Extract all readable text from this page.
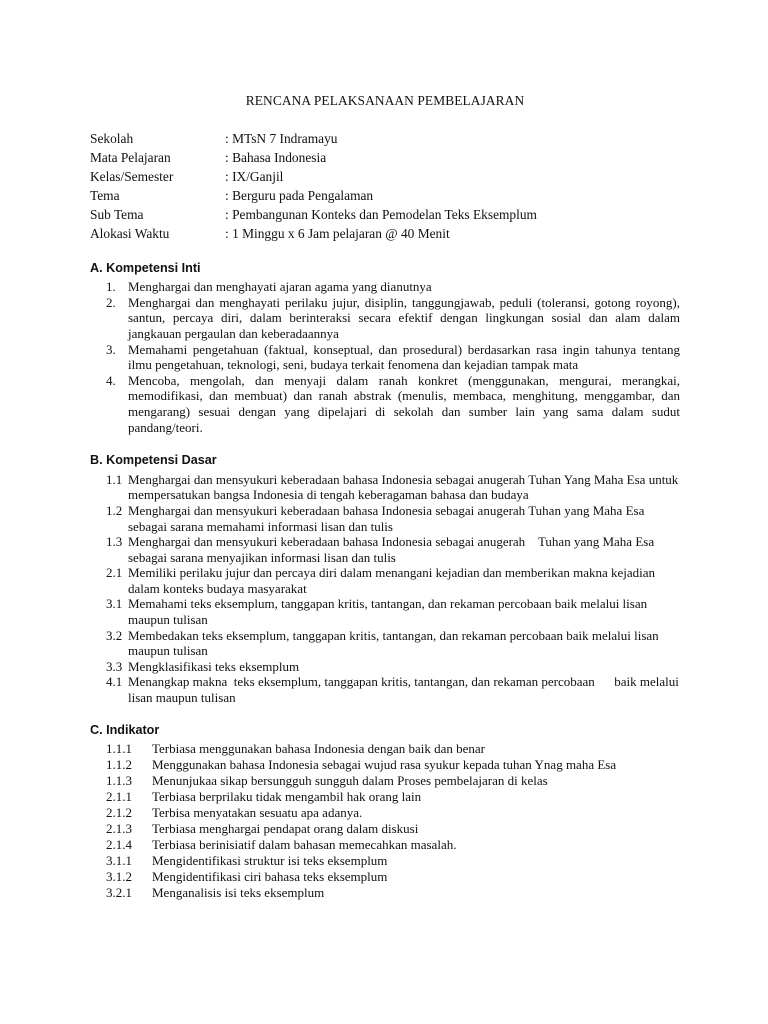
RENCANA PELAKSANAAN PEMBELAJARAN
Sekolah	: MTsN 7 Indramayu
Mata Pelajaran	: Bahasa Indonesia
Kelas/Semester	: IX/Ganjil
Tema	: Berguru pada Pengalaman
Sub Tema	: Pembangunan Konteks dan Pemodelan Teks Eksemplum
Alokasi Waktu	: 1 Minggu x 6 Jam pelajaran @ 40 Menit
A. Kompetensi Inti
1. Menghargai dan menghayati ajaran agama yang dianutnya
2. Menghargai dan menghayati perilaku jujur, disiplin, tanggungjawab, peduli (toleransi, gotong royong), santun, percaya diri, dalam berinteraksi secara efektif dengan lingkungan sosial dan alam dalam jangkauan pergaulan dan keberadaannya
3. Memahami pengetahuan (faktual, konseptual, dan prosedural) berdasarkan rasa ingin tahunya tentang ilmu pengetahuan, teknologi, seni, budaya terkait fenomena dan kejadian tampak mata
4. Mencoba, mengolah, dan menyaji dalam ranah konkret (menggunakan, mengurai, merangkai, memodifikasi, dan membuat) dan ranah abstrak (menulis, membaca, menghitung, menggambar, dan mengarang) sesuai dengan yang dipelajari di sekolah dan sumber lain yang sama dalam sudut pandang/teori.
B. Kompetensi Dasar
1.1 Menghargai dan mensyukuri keberadaan bahasa Indonesia sebagai anugerah Tuhan Yang Maha Esa untuk mempersatukan bangsa Indonesia di tengah keberagaman bahasa dan budaya
1.2 Menghargai dan mensyukuri keberadaan bahasa Indonesia sebagai anugerah Tuhan yang Maha Esa sebagai sarana memahami informasi lisan dan tulis
1.3 Menghargai dan mensyukuri keberadaan bahasa Indonesia sebagai anugerah    Tuhan yang Maha Esa sebagai sarana menyajikan informasi lisan dan tulis
2.1 Memiliki perilaku jujur dan percaya diri dalam menangani kejadian dan memberikan makna kejadian dalam konteks budaya masyarakat
3.1 Memahami teks eksemplum, tanggapan kritis, tantangan, dan rekaman percobaan baik melalui lisan maupun tulisan
3.2 Membedakan teks eksemplum, tanggapan kritis, tantangan, dan rekaman percobaan baik melalui lisan maupun tulisan
3.3 Mengklasifikasi teks eksemplum
4.1 Menangkap makna  teks eksemplum, tanggapan kritis, tantangan, dan rekaman percobaan      baik melalui lisan maupun tulisan
C. Indikator
1.1.1	Terbiasa menggunakan bahasa Indonesia dengan baik dan benar
1.1.2	Menggunakan bahasa Indonesia sebagai wujud rasa syukur kepada tuhan Ynag maha Esa
1.1.3	Menunjukaa sikap bersungguh sungguh dalam Proses pembelajaran di kelas
2.1.1	Terbiasa berprilaku tidak mengambil hak orang lain
2.1.2	Terbisa menyatakan sesuatu apa adanya.
2.1.3	Terbiasa menghargai pendapat orang dalam diskusi
2.1.4	Terbiasa berinisiatif dalam bahasan memecahkan masalah.
3.1.1	Mengidentifikasi struktur isi teks eksemplum
3.1.2	Mengidentifikasi ciri bahasa teks eksemplum
3.2.1	Menganalisis isi teks eksemplum
